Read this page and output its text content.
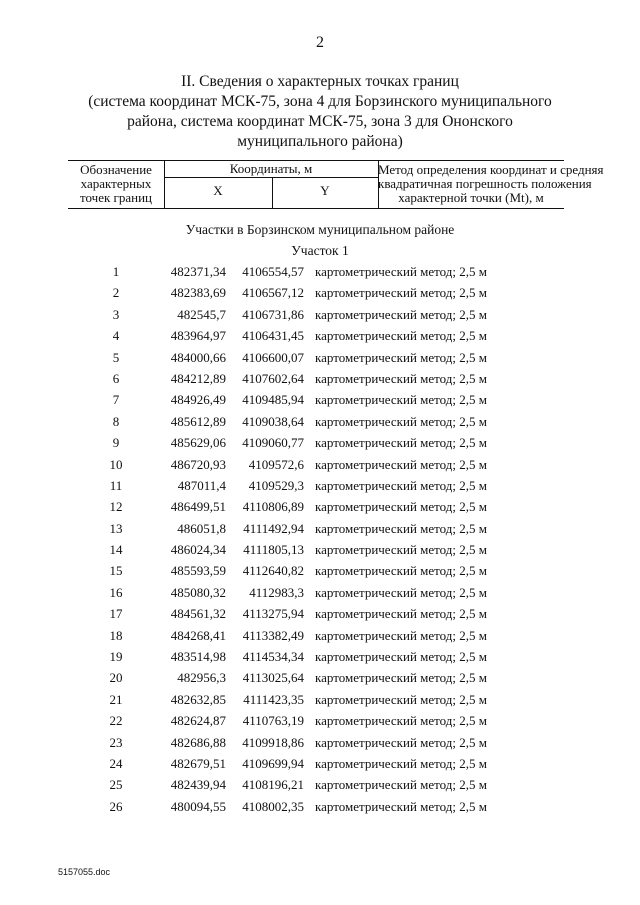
2
II. Сведения о характерных точках границ
(система координат МСК-75, зона 4 для Борзинского муниципального
района, система координат МСК-75, зона 3 для Ононского
муниципального района)
Обозначение
характерных
точек границ
Координаты, м
X	Y
Метод определения координат и средняя
квадратичная погрешность положения
характерной точки (Mt), м
Участки в Борзинском муниципальном районе
Участок 1
1	482371,34	4106554,57 картометрический метод; 2,5 м
2	482383,69	4106567,12 картометрический метод; 2,5 м
3	482545,7	4106731,86 картометрический метод; 2,5 м
4	483964,97	4106431,45 картометрический метод; 2,5 м
5	484000,66	4106600,07 картометрический метод; 2,5 м
6	484212,89	4107602,64 картометрический метод; 2,5 м
7	484926,49	4109485,94 картометрический метод; 2,5 м
8	485612,89	4109038,64 картометрический метод; 2,5 м
9	485629,06	4109060,77 картометрический метод; 2,5 м
10	486720,93	4109572,6 картометрический метод; 2,5 м
11	487011,4	4109529,3 картометрический метод; 2,5 м
12	486499,51	4110806,89 картометрический метод; 2,5 м
13	486051,8	4111492,94 картометрический метод; 2,5 м
14	486024,34	4111805,13 картометрический метод; 2,5 м
15	485593,59	4112640,82 картометрический метод; 2,5 м
16	485080,32	4112983,3 картометрический метод; 2,5 м
17	484561,32	4113275,94 картометрический метод; 2,5 м
18	484268,41	4113382,49 картометрический метод; 2,5 м
19	483514,98	4114534,34 картометрический метод; 2,5 м
20	482956,3	4113025,64 картометрический метод; 2,5 м
21	482632,85	4111423,35 картометрический метод; 2,5 м
22	482624,87	4110763,19 картометрический метод; 2,5 м
23	482686,88	4109918,86 картометрический метод; 2,5 м
24	482679,51	4109699,94 картометрический метод; 2,5 м
25	482439,94	4108196,21 картометрический метод; 2,5 м
26	480094,55	4108002,35 картометрический метод; 2,5 м
5157055.doc
